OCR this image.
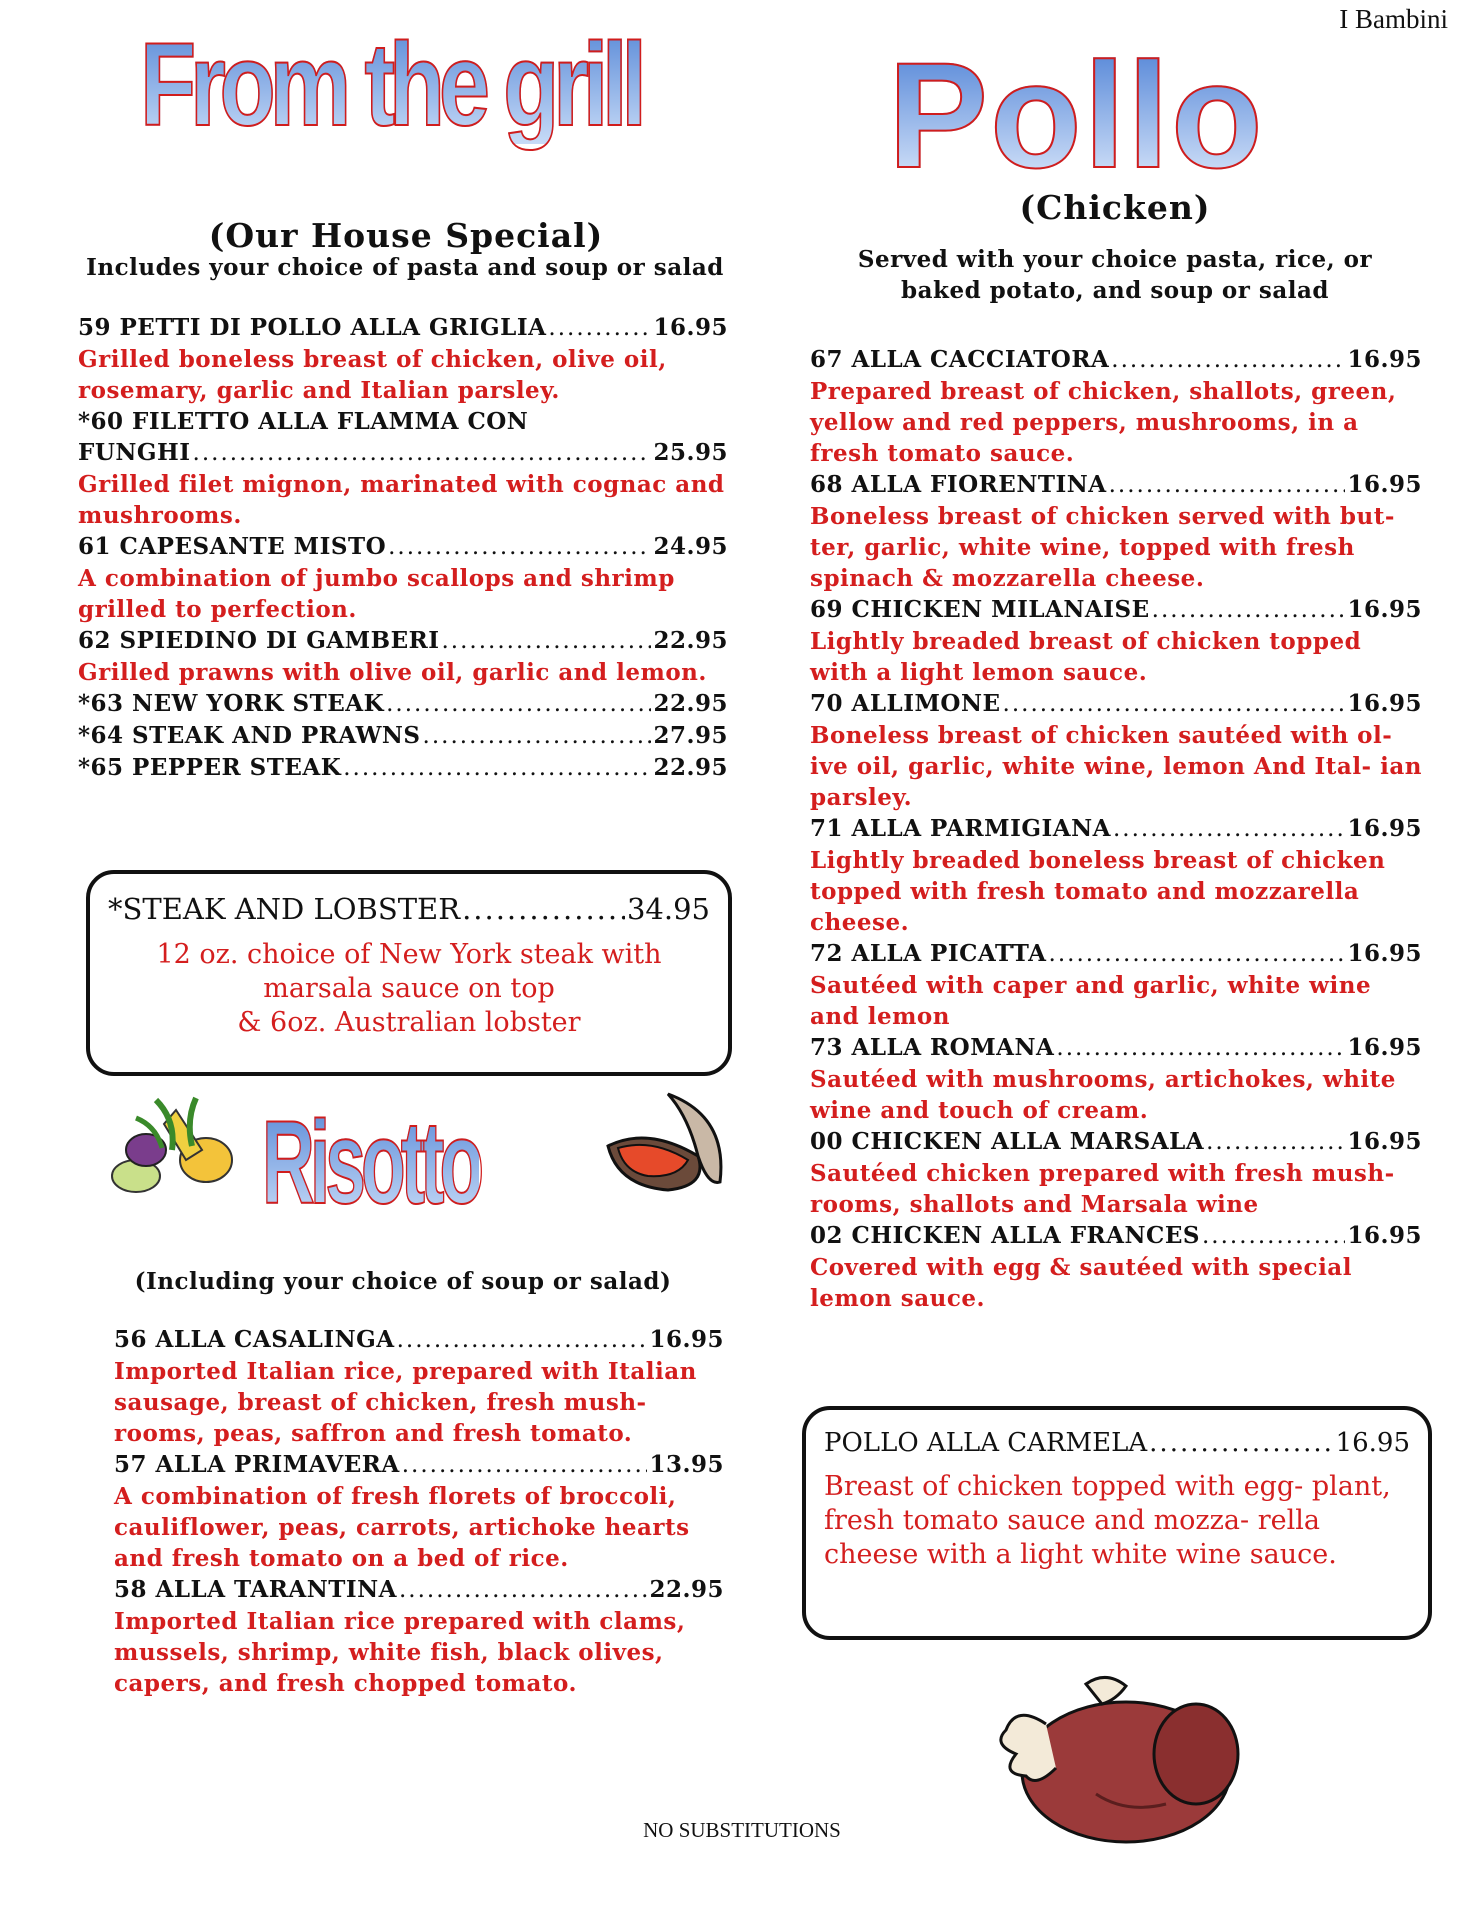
I Bambini
From the grill
(Our House Special)
Includes your choice of pasta and soup or salad
59 PETTI DI POLLO ALLA GRIGLIA .....	16.95
Grilled boneless breast of chicken, olive oil, rosemary, garlic and Italian parsley.
*60 FILETTO ALLA FLAMMA CON
FUNGHI .....	25.95
Grilled filet mignon, marinated with cognac and mushrooms.
61 CAPESANTE MISTO .....	24.95
A combination of jumbo scallops and shrimp grilled to perfection.
62 SPIEDINO DI GAMBERI .....	22.95
Grilled prawns with olive oil, garlic and lemon.
*63 NEW YORK STEAK .....	22.95
*64 STEAK AND PRAWNS .....	27.95
*65 PEPPER STEAK .....	22.95
*STEAK AND LOBSTER .....	34.95
12 oz. choice of New York steak with
marsala sauce on top
& 6oz. Australian lobster
Risotto
(Including your choice of soup or salad)
56 ALLA CASALINGA .....	16.95
Imported Italian rice, prepared with Italian sausage, breast of chicken, fresh mush- rooms, peas, saffron and fresh tomato.
57 ALLA PRIMAVERA .....	13.95
A combination of fresh florets of broccoli, cauliflower, peas, carrots, artichoke hearts and fresh tomato on a bed of rice.
58 ALLA TARANTINA .....	22.95
Imported Italian rice prepared with clams, mussels, shrimp, white fish, black olives, capers, and fresh chopped tomato.
Pollo
(Chicken)
Served with your choice pasta, rice, or
baked potato, and soup or salad
67 ALLA CACCIATORA .....	16.95
Prepared breast of chicken, shallots, green, yellow and red peppers, mushrooms, in a fresh tomato sauce.
68 ALLA FIORENTINA .....	16.95
Boneless breast of chicken served with but- ter, garlic, white wine, topped with fresh spinach & mozzarella cheese.
69 CHICKEN MILANAISE .....	16.95
Lightly breaded breast of chicken topped with a light lemon sauce.
70 ALLIMONE .....	16.95
Boneless breast of chicken sautéed with ol- ive oil, garlic, white wine, lemon And Ital- ian parsley.
71 ALLA PARMIGIANA .....	16.95
Lightly breaded boneless breast of chicken topped with fresh tomato and mozzarella cheese.
72 ALLA PICATTA .....	16.95
Sautéed with caper and garlic, white wine and lemon
73 ALLA ROMANA .....	16.95
Sautéed with mushrooms, artichokes, white wine and touch of cream.
00 CHICKEN ALLA MARSALA .....	16.95
Sautéed chicken prepared with fresh mush- rooms, shallots and Marsala wine
02 CHICKEN ALLA FRANCES .....	16.95
Covered with egg & sautéed with special lemon sauce.
POLLO ALLA CARMELA .....	16.95
Breast of chicken topped with egg- plant, fresh tomato sauce and mozza- rella cheese with a light white wine sauce.
NO SUBSTITUTIONS
